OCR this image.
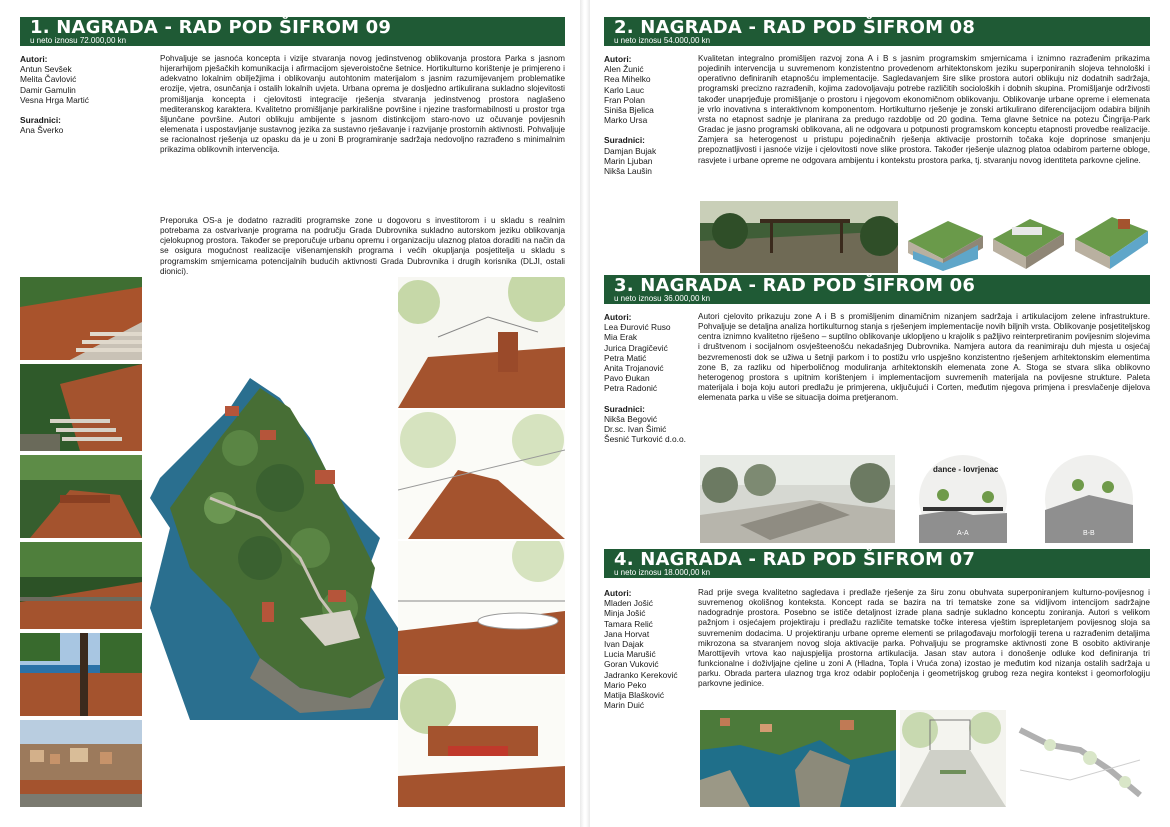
1. NAGRADA - RAD POD ŠIFROM 09
u neto iznosu 72.000,00 kn
Autori:
Antun Sevšek
Melita Čavlović
Damir Gamulin
Vesna Hrga Martić
Suradnici:
Ana Šverko

Pohvaljuje se jasnoća koncepta i vizije stvaranja novog jedinstvenog oblikovanja prostora Parka s jasnom hijerarhijom pješačkih komunikacija i afirmacijom sjeveroistočne šetnice. Hortikulturno korištenje je primjereno i adekvatno lokalnim obilježjima i oblikovanju autohtonim materijalom s jasnim razumijevanjem problematike erozije, vjetra, osunčanja i ostalih lokalnih uvjeta. Urbana oprema je dosljedno artikulirana sukladno slojevitosti promišljanja koncepta i cjelovitosti integracije rješenja stvaranja jedinstvenog prostora naglašeno mediteranskog karaktera. Kvalitetno promišljanje parkirališne površine i njezine trasformabilnosti u prostor trga šljunčane površine. Autori oblikuju ambijente s jasnom distinkcijom staro-novo uz očuvanje povijesnih elemenata i uspostavljanje sustavnog jezika za sustavno rješavanje i razvijanje prostornih aktivnosti. Pohvaljuje se racionalnost rješenja uz opasku da je u zoni B programiranje sadržaja nedovoljno razrađeno s minimalnim prikazima oblikovnih intervencija.

Preporuka OS-a je dodatno razraditi programske zone u dogovoru s investitorom i u skladu s realnim potrebama za ostvarivanje programa na području Grada Dubrovnika sukladno autorskom jeziku oblikovanja cjelokupnog prostora. Također se preporučuje urbanu opremu i organizaciju ulaznog platoa doraditi na način da se osigura mogućnost realizacije višenamjenskih programa i većih okupljanja posjetitelja u skladu s programskim smjernicama potencijalnih budućih aktivnosti Grada Dubrovnika i drugih korisnika (DLJI, ostali dionici).

2. NAGRADA - RAD POD ŠIFROM 08
u neto iznosu 54.000,00 kn
Autori:
Alen Žunić
Rea Mihelko
Karlo Lauc
Fran Polan
Siniša Bjelica
Marko Ursa
Suradnici:
Damjan Bujak
Marin Ljuban
Nikša Laušin

Kvalitetan integralno promišljen razvoj zona A i B s jasnim programskim smjernicama i iznimno razrađenim prikazima pojedinih intervencija u suvremenom konzistentno provedenom arhitektonskom jeziku superponiranih slojeva tehnološki i operativno definiranih etapnošću implementacije. Sagledavanjem šire slike prostora autori oblikuju niz dodatnih sadržaja, programski precizno razrađenih, kojima zadovoljavaju potrebe različitih socioloških i dobnih skupina. Promišljanje održivosti također unaprjeđuje promišljanje o prostoru i njegovom ekonomičnom oblikovanju. Oblikovanje urbane opreme i elemenata je vrlo inovativna s interaktivnom komponentom. Hortikulturno rješenje je zonski artikulirano diferencijacijom odabira biljnih vrsta no etapnost sadnje je planirana za predugo razdoblje od 20 godina. Tema glavne šetnice na potezu Čingrija-Park Gradac je jasno programski oblikovana, ali ne odgovara u potpunosti programskom konceptu etapnosti provedbe realizacije. Zamjera sa heterogenost u pristupu pojedinačnih rješenja aktivacije prostornih točaka koje doprinose smanjenju prepoznatljivosti i jasnoće vizije i cjelovitosti nove slike prostora. Također rješenje ulaznog platoa odabirom parterne obloge, rasvjete i urbane opreme ne odgovara ambijentu i kontekstu prostora parka, tj. stvaranju novog identiteta parkovne cjeline.

3. NAGRADA - RAD POD ŠIFROM 06
u neto iznosu 36.000,00 kn
Autori:
Lea Đurović Ruso
Mia Erak
Jurica Dragičević
Petra Matić
Anita Trojanović
Pavo Đukan
Petra Radonić
Suradnici:
Nikša Begović
Dr.sc. Ivan Šimić
Šesnić Turković d.o.o.

Autori cjelovito prikazuju zone A i B s promišljenim dinamičnim nizanjem sadržaja i artikulacijom zelene infrastrukture. Pohvaljuje se detaljna analiza hortikulturnog stanja s rješenjem implementacije novih biljnih vrsta. Oblikovanje posjetiteljskog centra iznimno kvalitetno riješeno – suptilno oblikovanje ukloplјeno u krajolik s pažljivo reinterpretiranim povijesnim slojevima i društvenom i socijalnom osvješteenošću nekadašnjeg Dubrovnika. Namjera autora da reanimiraju duh mjesta u osjećaj bezvremenosti dok se užiwa u šetnji parkom i to postižu vrlo uspješno konzistentno rješenjem arhitektonskim elementima zone B, za razliku od hiperboličnog moduliranja arhitektonskih elemenata zone A. Stoga se stvara slika oblikovno heterogenog prostora s upitnim korištenjem i implementacijom suvremenih materijala na povijesne strukture. Paleta materijala i boja koju autori predlažu je primjerena, uključujući i Corten, međutim njegova primjena i presvlačenje dijelova elemenata parka u više se situacija doima pretjeranom.

dance - lovrjenac
A-A	B-B
4. NAGRADA - RAD POD ŠIFROM 07
u neto iznosu 18.000,00 kn
Autori:
Mladen Jošić
Minja Jošić
Tamara Relić
Jana Horvat
Ivan Dajak
Lucia Marušić
Goran Vuković
Jadranko Kereković
Mario Peko
Matija Blašković
Marin Duić

Rad prije svega kvalitetno sagledava i predlaže rješenje za širu zonu obuhvata superponiranjem kulturno-povijesnog i suvremenog okolišnog konteksta. Koncept rada se bazira na tri tematske zone sa vidljivom intencijom sadržajne nadogradnje prostora. Posebno se ističe detaljnost izrade plana sadnje sukladno konceptu zoniranja. Autori s velikom pažnjom i osjećajem projektiraju i predlažu različite tematske točke interesa vještim isprepletanjem povijesnog sloja sa suvremenim dodacima. U projektiranju urbane opreme elementi se prilagođavaju morfologiji terena u razrađenim detaljima mikrozona sa stvaranjem novog sloja aktivacije parka. Pohvaljuju se programske aktivnosti zone B osobito aktiviranje Marottijevih vrtova kao najuspjelija prostorna artikulacija. Jasan stav autora i donošenje odluke kod definiranja tri funkcionalne i doživljajne cjeline u zoni A (Hladna, Topla i Vruća zona) izostao je međutim kod nizanja ostalih sadržaja u parku. Obrada partera ulaznog trga kroz odabir popločenja i geometrijskog grubog reza negira kontekst i geomorfologiju parkovne jedinice.
